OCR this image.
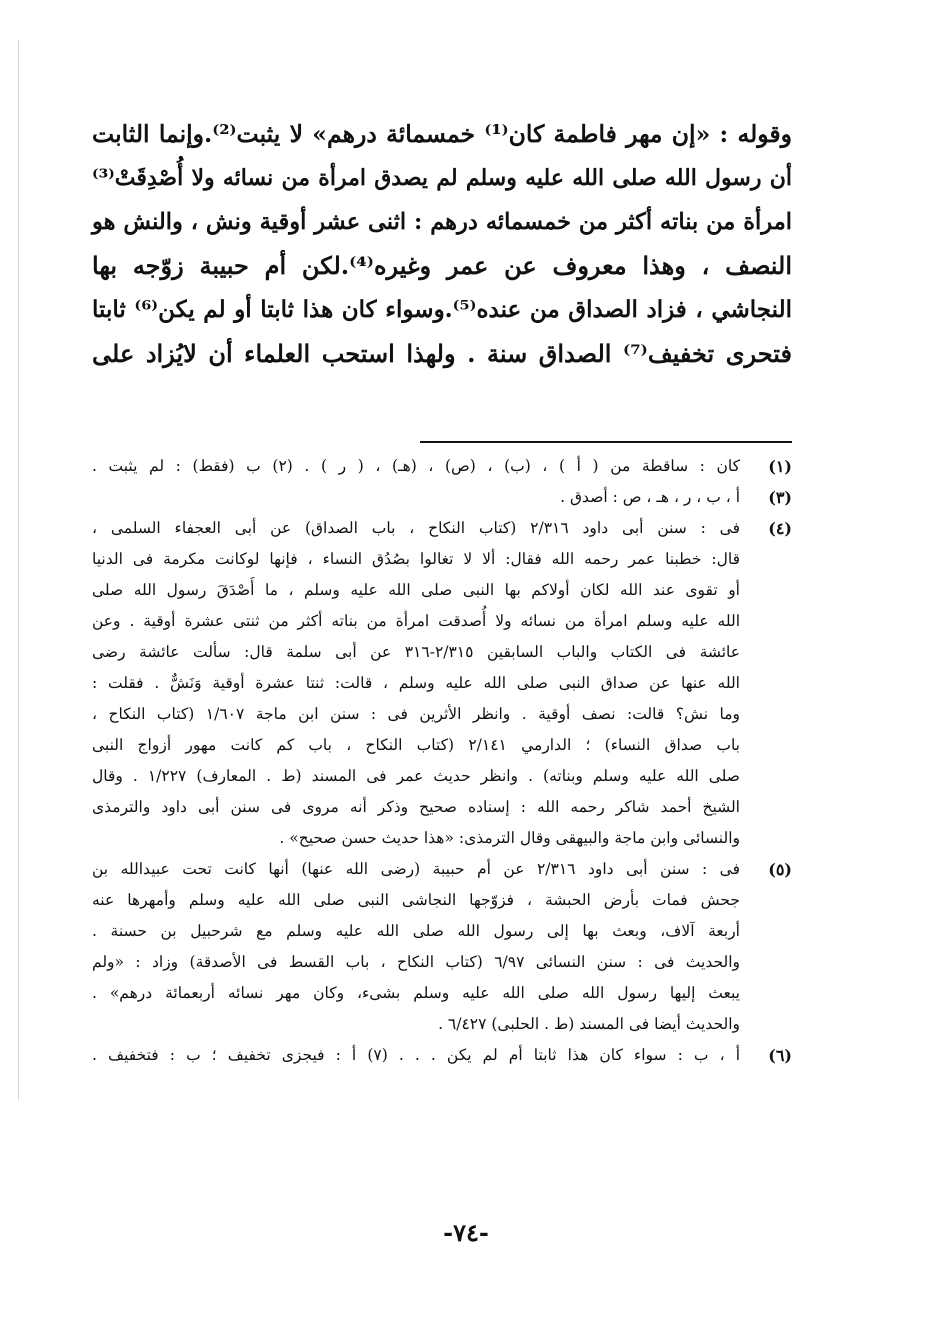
وقوله : «إن مهر فاطمة كان⁽¹⁾ خمسمائة درهم» لا يثبت⁽²⁾.وإنما الثابت
أن رسول الله صلى الله عليه وسلم لم يصدق امرأة من نسائه ولا أُصْدِقَتْ⁽³⁾
امرأة من بناته أكثر من خمسمائه درهم : اثنى عشر أوقية ونش ، والنش هو
النصف ، وهذا معروف عن عمر وغيره⁽⁴⁾.لكن أم حبيبة زوّجه بها
النجاشي ، فزاد الصداق من عنده⁽⁵⁾.وسواء كان هذا ثابتا أو لم يكن⁽⁶⁾ ثابتا
فتحرى تخفيف⁽⁷⁾ الصداق سنة . ولهذا استحب العلماء أن لايُزاد على
(١)
كان : ساقطة من ( أ ) ، (ب) ، (ص) ، (هـ) ، ( ر ) . (٢) ب (فقط) : لم يثبت .
(٣)
أ ، ب ، ر ، هـ ، ص : أصدق .
(٤)
فى : سنن أبى داود ٢/٣١٦ (كتاب النكاح ، باب الصداق) عن أبى العجفاء السلمى ،
قال: خطبنا عمر رحمه الله فقال: ألا لا تغالوا بصُدُق النساء ، فإنها لوكانت مكرمة فى الدنيا
أو تقوى عند الله لكان أولاكم بها النبى صلى الله عليه وسلم ، ما أَصْدَقَ رسول الله صلى
الله عليه وسلم امرأة من نسائه ولا أُصدقت امرأة من بناته أكثر من ثنتى عشرة أوقية . وعن
عائشة فى الكتاب والباب السابقين ٢/٣١٥-٣١٦ عن أبى سلمة قال: سألت عائشة رضى
الله عنها عن صداق النبى صلى الله عليه وسلم ، قالت: ثنتا عشرة أوقية وَنَشٌّ . فقلت :
وما نش؟ قالت: نصف أوقية . وانظر الأثرين فى : سنن ابن ماجة ١/٦٠٧ (كتاب النكاح ،
باب صداق النساء) ؛ الدارمي ٢/١٤١ (كتاب النكاح ، باب كم كانت مهور أزواج النبى
صلى الله عليه وسلم وبناته) . وانظر حديث عمر فى المسند (ط . المعارف) ١/٢٢٧ . وقال
الشيخ أحمد شاكر رحمه الله : إسناده صحيح وذكر أنه مروى فى سنن أبى داود والترمذى
والنسائى وابن ماجة والبيهقى وقال الترمذى: «هذا حديث حسن صحيح» .
(٥)
فى : سنن أبى داود ٢/٣١٦ عن أم حبيبة (رضى الله عنها) أنها كانت تحت عبيدالله بن
جحش فمات بأرض الحبشة ، فزوّجها النجاشى النبى صلى الله عليه وسلم وأمهرها عنه
أربعة آلاف، وبعث بها إلى رسول الله صلى الله عليه وسلم مع شرحبيل بن حسنة .
والحديث فى : سنن النسائى ٦/٩٧ (كتاب النكاح ، باب القسط فى الأصدقة) وزاد : «ولم
يبعث إليها رسول الله صلى الله عليه وسلم بشىء، وكان مهر نسائه أربعمائة درهم» .
والحديث أيضا فى المسند (ط . الحلبى) ٦/٤٢٧ .
(٦)
أ ، ب : سواء كان هذا ثابتا أم لم يكن . . . (٧) أ : فيجزى تخفيف ؛ ب : فتخفيف .
-٧٤-
